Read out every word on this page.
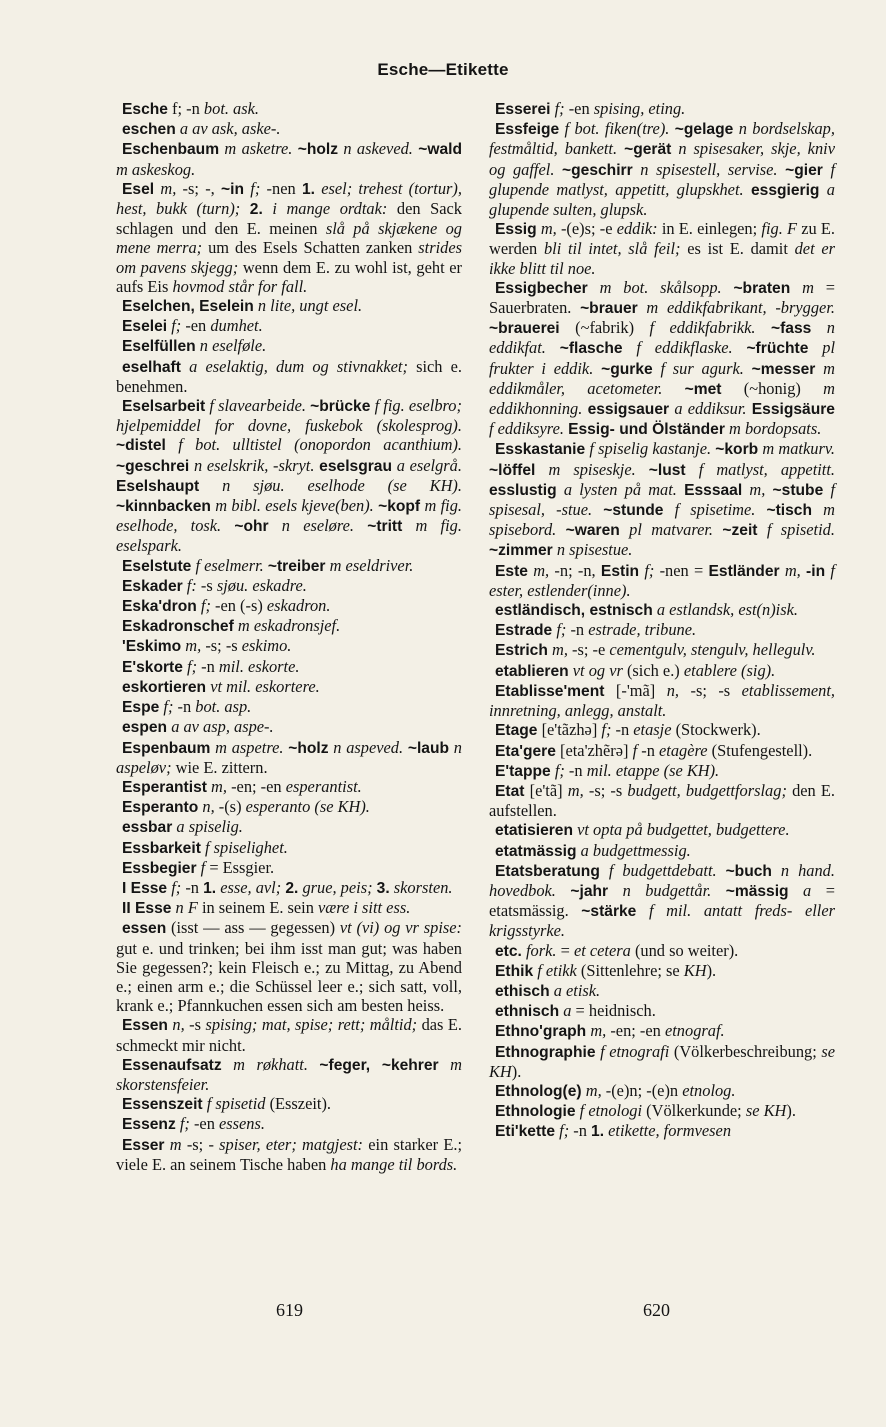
Esche—Etikette
Esche f; -n bot. ask.
eschen a av ask, aske-.
Eschenbaum m asketre. ~holz n askeved. ~wald m askeskog.
Esel m, -s; -, ~in f; -nen 1. esel; trehest (tortur), hest, bukk (turn); 2. i mange ordtak: den Sack schlagen und den E. meinen slå på skjækene og mene merra; um des Esels Schatten zanken strides om pavens skjegg; wenn dem E. zu wohl ist, geht er aufs Eis hovmod står for fall.
Eselchen, Eselein n lite, ungt esel.
Eselei f; -en dumhet.
Eselfüllen n eselføle.
eselhaft a eselaktig, dum og stivnakket; sich e. benehmen.
Eselsarbeit f slavearbeide. ~brücke f fig. eselbro; hjelpemiddel for dovne, fuskebok (skolesprog). ~distel f bot. ulltistel (onopordon acanthium). ~geschrei n eselskrik, -skryt. eselsgrau a eselgrå. Eselshaupt n sjøu. eselhode (se KH). ~kinnbacken m bibl. esels kjeve(ben). ~kopf m fig. eselhode, tosk. ~ohr n eseløre. ~tritt m fig. eselspark.
Eselstute f eselmerr. ~treiber m eseldriver.
Eskader f: -s sjøu. eskadre.
Eska'dron f; -en (-s) eskadron.
Eskadronschef m eskadronsjef.
'Eskimo m, -s; -s eskimo.
E'skorte f; -n mil. eskorte.
eskortieren vt mil. eskortere.
Espe f; -n bot. asp.
espen a av asp, aspe-.
Espenbaum m aspetre. ~holz n aspeved. ~laub n aspeløv; wie E. zittern.
Esperantist m, -en; -en esperantist.
Esperanto n, -(s) esperanto (se KH).
essbar a spiselig.
Essbarkeit f spiselighet.
Essbegier f = Essgier.
I Esse f; -n 1. esse, avl; 2. grue, peis; 3. skorsten.
II Esse n F in seinem E. sein være i sitt ess.
essen (isst — ass — gegessen) vt (vi) og vr spise: gut e. und trinken; bei ihm isst man gut; was haben Sie gegessen?; kein Fleisch e.; zu Mittag, zu Abend e.; einen arm e.; die Schüssel leer e.; sich satt, voll, krank e.; Pfannkuchen essen sich am besten heiss.
Essen n, -s spising; mat, spise; rett; måltid; das E. schmeckt mir nicht.
Essenaufsatz m røkhatt. ~feger, ~kehrer m skorstensfeier.
Essenszeit f spisetid (Esszeit).
Essenz f; -en essens.
Esser m -s; - spiser, eter; matgjest: ein starker E.; viele E. an seinem Tische haben ha mange til bords.
Esserei f; -en spising, eting.
Essfeige f bot. fiken(tre). ~gelage n bordselskap, festmåltid, bankett. ~gerät n spisesaker, skje, kniv og gaffel. ~geschirr n spisestell, servise. ~gier f glupende matlyst, appetitt, glupskhet. essgierig a glupende sulten, glupsk.
Essig m, -(e)s; -e eddik: in E. einlegen; fig. F zu E. werden bli til intet, slå feil; es ist E. damit det er ikke blitt til noe.
Essigbecher m bot. skålsopp. ~braten m = Sauerbraten. ~brauer m eddikfabrikant, -brygger. ~brauerei (~fabrik) f eddikfabrikk. ~fass n eddikfat. ~flasche f eddikflaske. ~früchte pl frukter i eddik. ~gurke f sur agurk. ~messer m eddikmåler, acetometer. ~met (~honig) m eddikhonning. essigsauer a eddiksur. Essigsäure f eddiksyre. Essig- und Ölständer m bordopsats.
Esskastanie f spiselig kastanje. ~korb m matkurv. ~löffel m spiseskje. ~lust f matlyst, appetitt. esslustig a lysten på mat. Esssaal m, ~stube f spisesal, -stue. ~stunde f spisetime. ~tisch m spisebord. ~waren pl matvarer. ~zeit f spisetid. ~zimmer n spisestue.
Este m, -n; -n, Estin f; -nen = Estländer m, -in f ester, estlender(inne).
estländisch, estnisch a estlandsk, est(n)isk.
Estrade f; -n estrade, tribune.
Estrich m, -s; -e cementgulv, stengulv, hellegulv.
etablieren vt og vr (sich e.) etablere (sig).
Etablisse'ment [-'mã] n, -s; -s etablissement, innretning, anlegg, anstalt.
Etage [e'tãzhə] f; -n etasje (Stockwerk).
Eta'gere [eta'zhẽrə] f -n etagère (Stufengestell).
E'tappe f; -n mil. etappe (se KH).
Etat [e'tã] m, -s; -s budgett, budgettforslag; den E. aufstellen.
etatisieren vt opta på budgettet, budgettere.
etatmässig a budgettmessig.
Etatsberatung f budgettdebatt. ~buch n hand. hovedbok. ~jahr n budgettår. ~mässig a = etatsmässig. ~stärke f mil. antatt freds- eller krigsstyrke.
etc. fork. = et cetera (und so weiter).
Ethik f etikk (Sittenlehre; se KH).
ethisch a etisk.
ethnisch a = heidnisch.
Ethno'graph m, -en; -en etnograf.
Ethnographie f etnografi (Völkerbeschreibung; se KH).
Ethnolog(e) m, -(e)n; -(e)n etnolog.
Ethnologie f etnologi (Völkerkunde; se KH).
Eti'kette f; -n 1. etikette, formvesen
619	620
